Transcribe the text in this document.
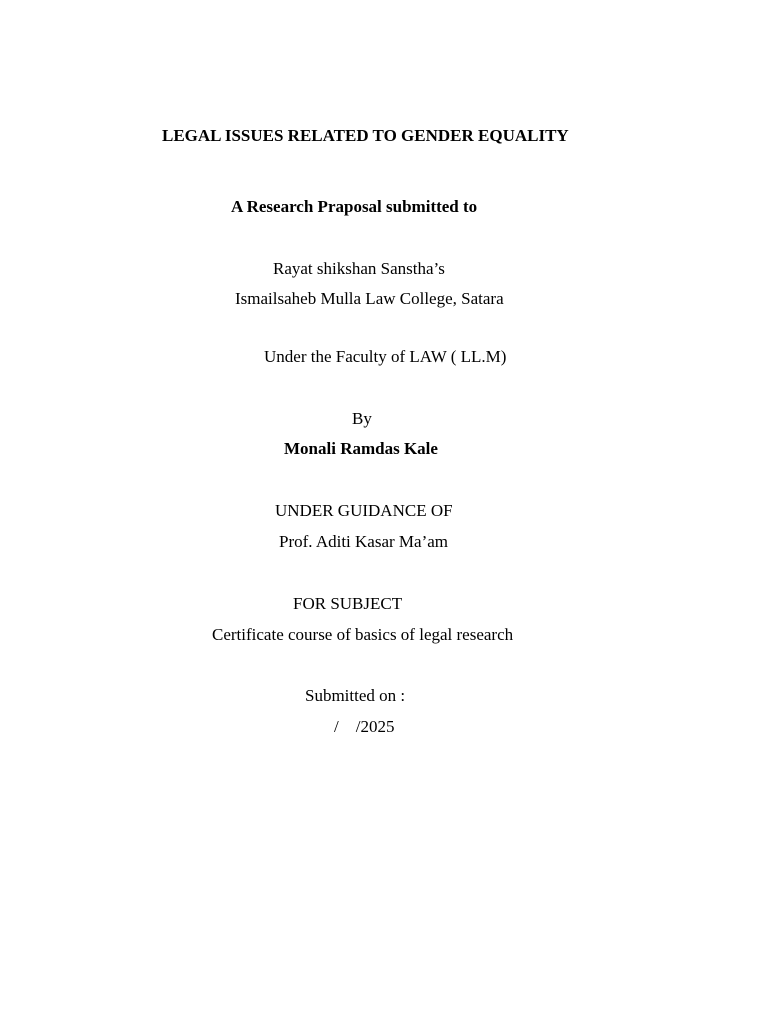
LEGAL ISSUES RELATED TO GENDER EQUALITY
A Research Praposal submitted to
Rayat shikshan Sanstha’s
Ismailsaheb Mulla Law College, Satara
Under the Faculty of LAW ( LL.M)
By
Monali Ramdas Kale
UNDER GUIDANCE OF
Prof. Aditi Kasar Ma’am
FOR SUBJECT
Certificate course of basics of legal research
Submitted on :
/    /2025
